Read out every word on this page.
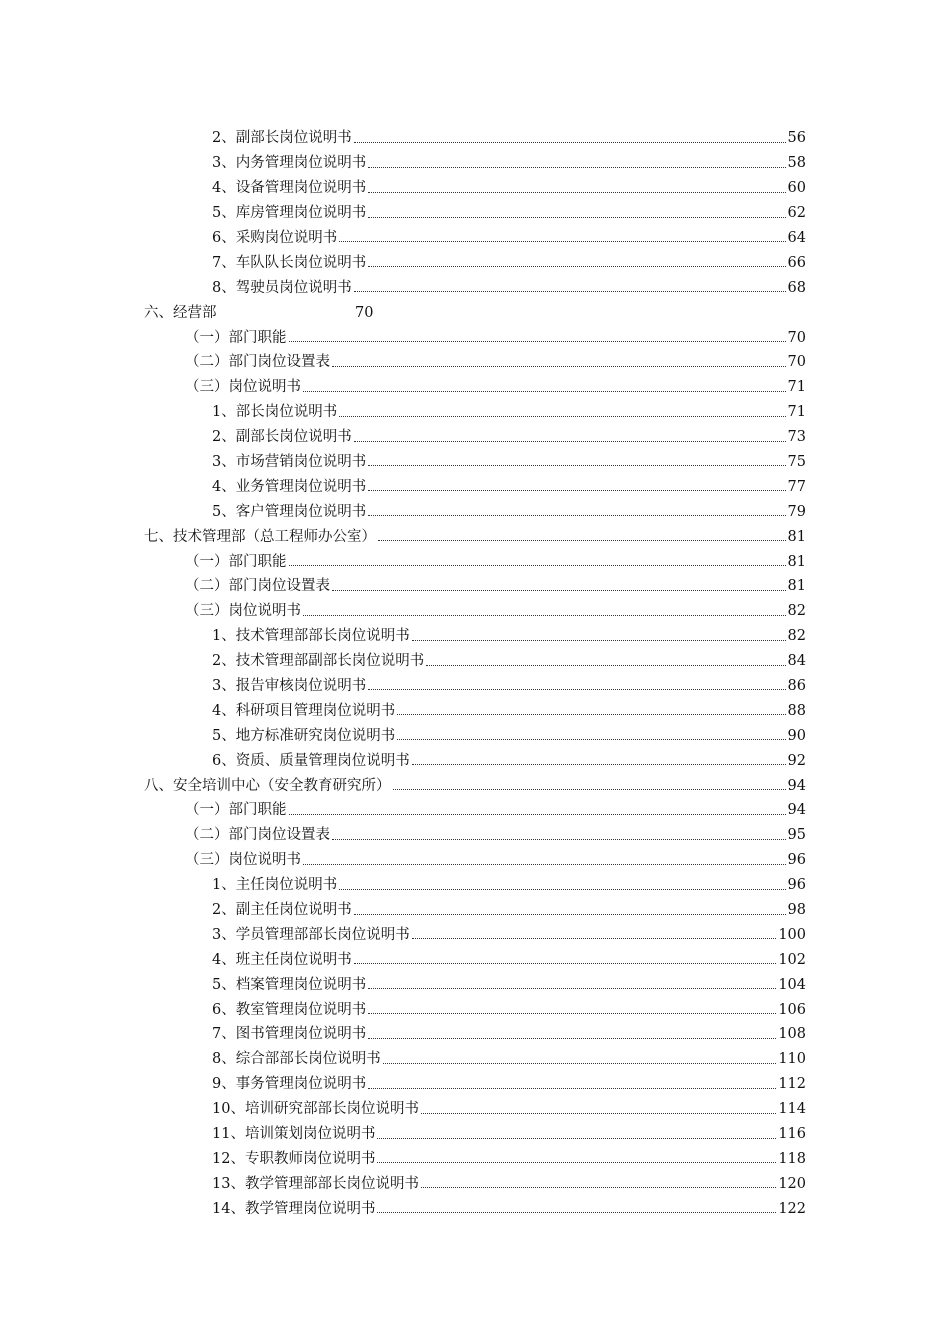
2、副部长岗位说明书	56
3、内务管理岗位说明书	58
4、设备管理岗位说明书	60
5、库房管理岗位说明书	62
6、采购岗位说明书	64
7、车队队长岗位说明书	66
8、驾驶员岗位说明书	68
六、经营部	70
（一）部门职能	70
（二）部门岗位设置表	70
（三）岗位说明书	71
1、部长岗位说明书	71
2、副部长岗位说明书	73
3、市场营销岗位说明书	75
4、业务管理岗位说明书	77
5、客户管理岗位说明书	79
七、技术管理部（总工程师办公室）	81
（一）部门职能	81
（二）部门岗位设置表	81
（三）岗位说明书	82
1、技术管理部部长岗位说明书	82
2、技术管理部副部长岗位说明书	84
3、报告审核岗位说明书	86
4、科研项目管理岗位说明书	88
5、地方标准研究岗位说明书	90
6、资质、质量管理岗位说明书	92
八、安全培训中心（安全教育研究所）	94
（一）部门职能	94
（二）部门岗位设置表	95
（三）岗位说明书	96
1、主任岗位说明书	96
2、副主任岗位说明书	98
3、学员管理部部长岗位说明书	100
4、班主任岗位说明书	102
5、档案管理岗位说明书	104
6、教室管理岗位说明书	106
7、图书管理岗位说明书	108
8、综合部部长岗位说明书	110
9、事务管理岗位说明书	112
10、培训研究部部长岗位说明书	114
11、培训策划岗位说明书	116
12、专职教师岗位说明书	118
13、教学管理部部长岗位说明书	120
14、教学管理岗位说明书	122
